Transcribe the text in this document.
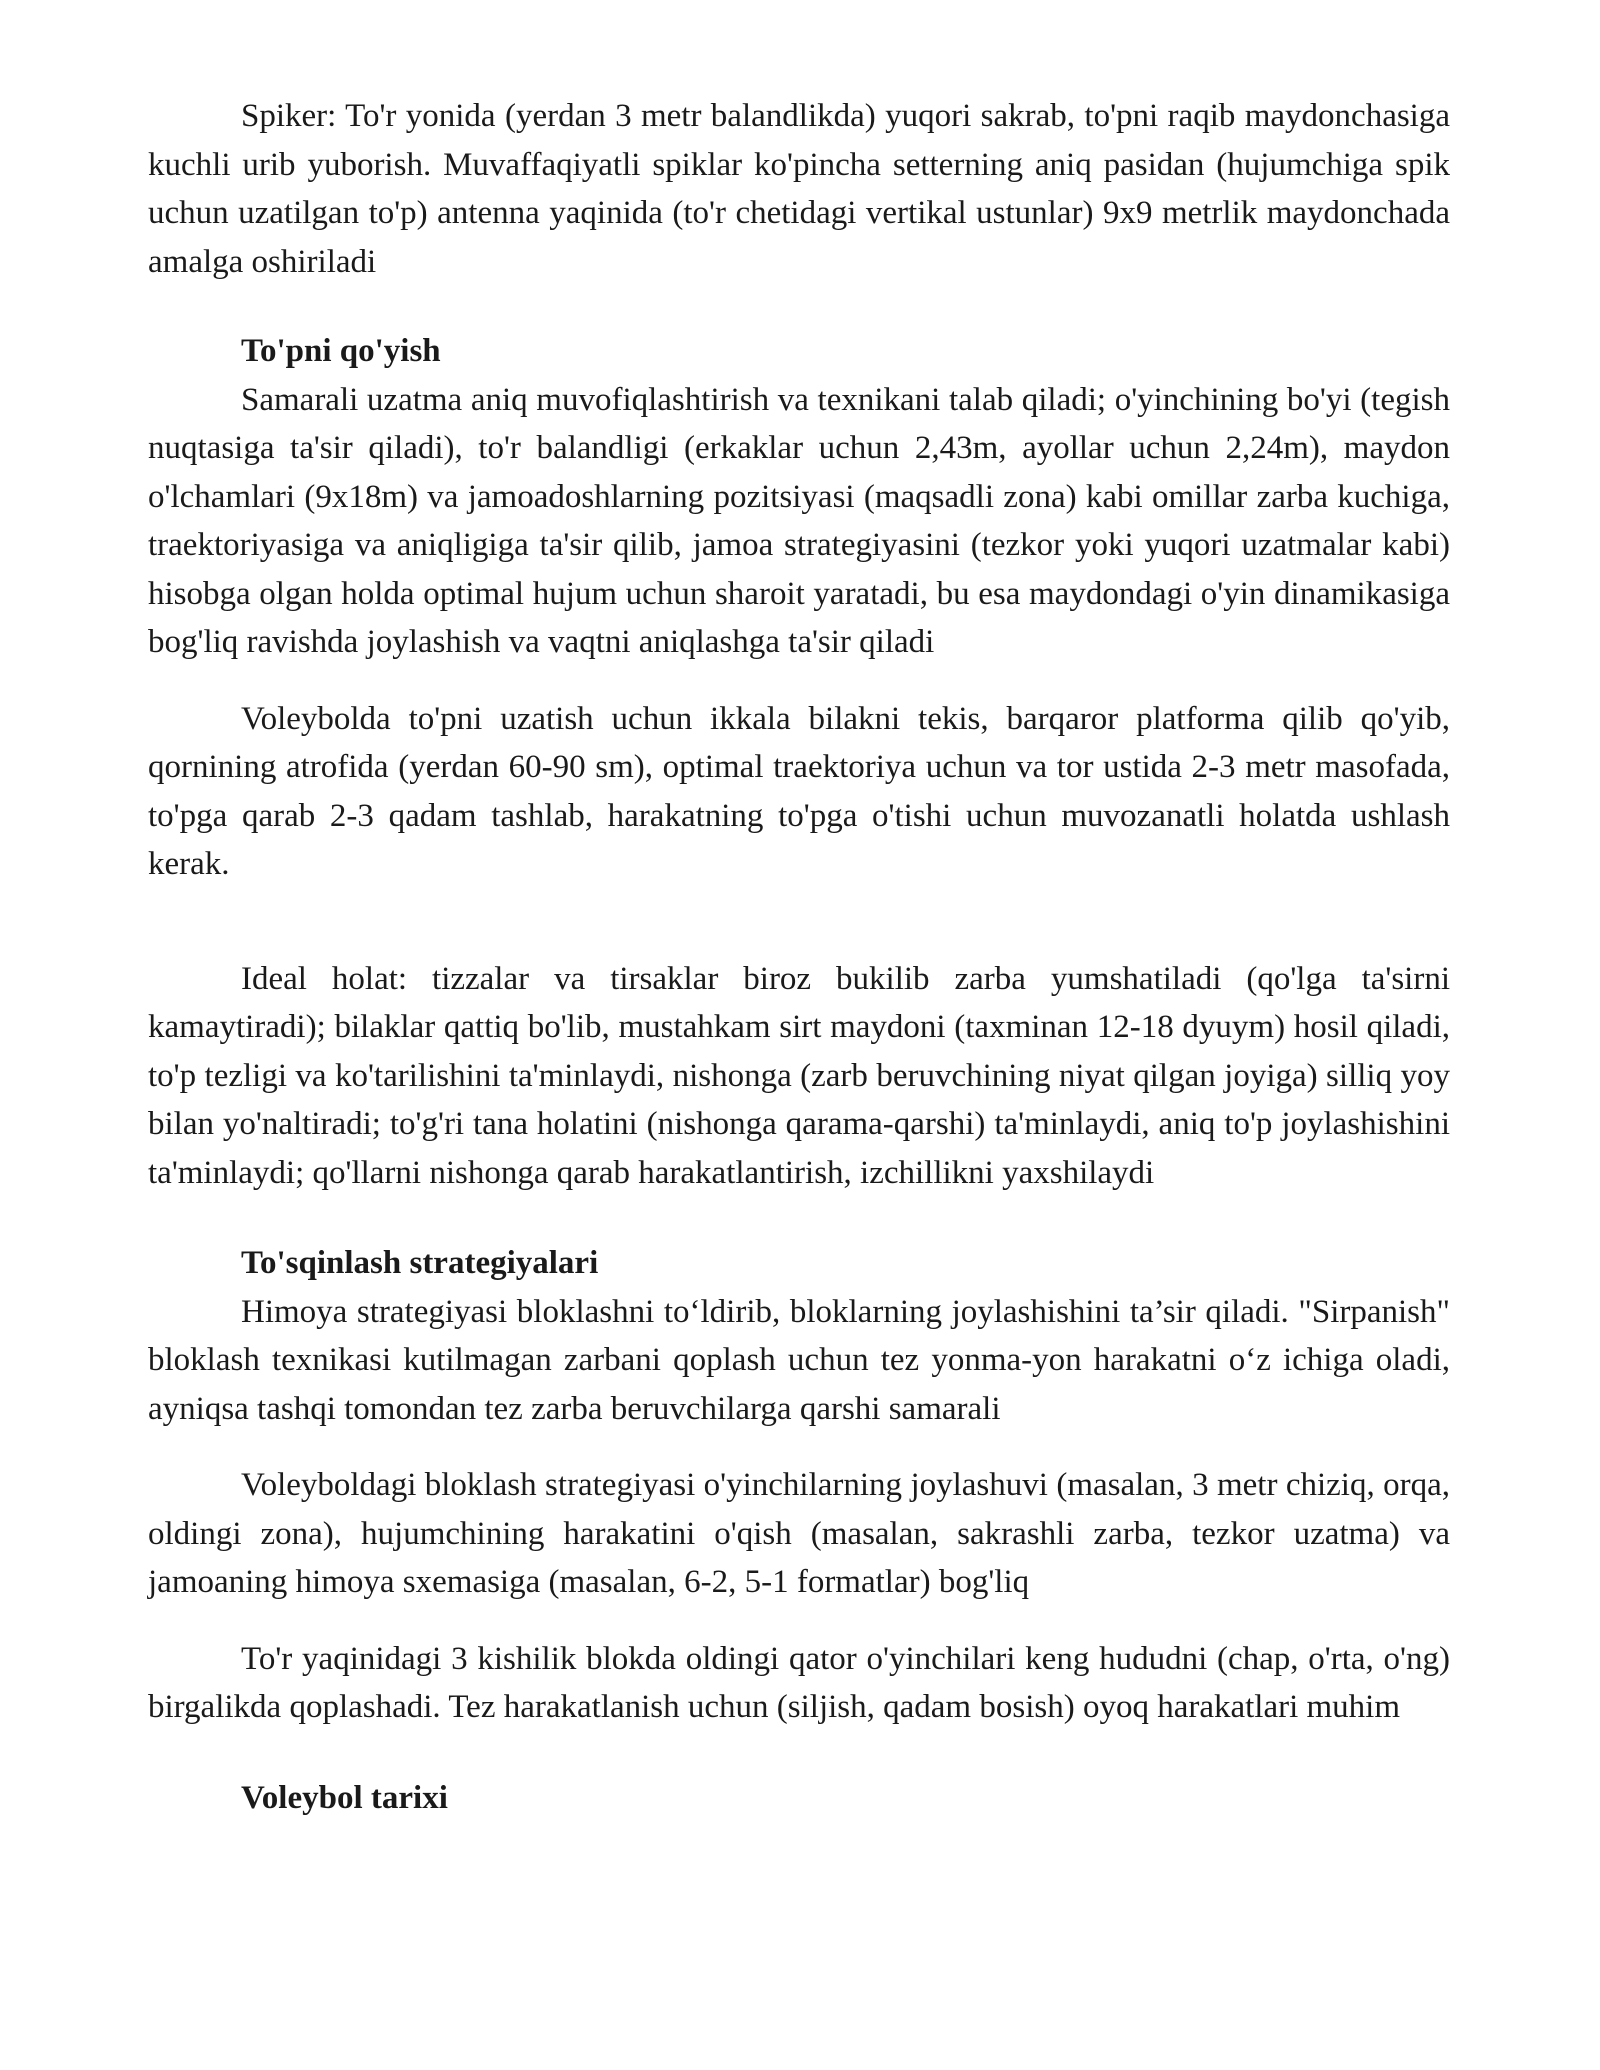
Spiker: To'r yonida (yerdan 3 metr balandlikda) yuqori sakrab, to'pni raqib maydonchasiga kuchli urib yuborish. Muvaffaqiyatli spiklar ko'pincha setterning aniq pasidan (hujumchiga spik uchun uzatilgan to'p) antenna yaqinida (to'r chetidagi vertikal ustunlar) 9x9 metrlik maydonchada amalga oshiriladi

To'pni qo'yish

Samarali uzatma aniq muvofiqlashtirish va texnikani talab qiladi; o'yinchining bo'yi (tegish nuqtasiga ta'sir qiladi), to'r balandligi (erkaklar uchun 2,43m, ayollar uchun 2,24m), maydon o'lchamlari (9x18m) va jamoadoshlarning pozitsiyasi (maqsadli zona) kabi omillar zarba kuchiga, traektoriyasiga va aniqligiga ta'sir qilib, jamoa strategiyasini (tezkor yoki yuqori uzatmalar kabi) hisobga olgan holda optimal hujum uchun sharoit yaratadi, bu esa maydondagi o'yin dinamikasiga bog'liq ravishda joylashish va vaqtni aniqlashga ta'sir qiladi

Voleybolda to'pni uzatish uchun ikkala bilakni tekis, barqaror platforma qilib qo'yib, qornining atrofida (yerdan 60-90 sm), optimal traektoriya uchun va tor ustida 2-3 metr masofada, to'pga qarab 2-3 qadam tashlab, harakatning to'pga o'tishi uchun muvozanatli holatda ushlash kerak.

Ideal holat: tizzalar va tirsaklar biroz bukilib zarba yumshatiladi (qo'lga ta'sirni kamaytiradi); bilaklar qattiq bo'lib, mustahkam sirt maydoni (taxminan 12-18 dyuym) hosil qiladi, to'p tezligi va ko'tarilishini ta'minlaydi, nishonga (zarb beruvchining niyat qilgan joyiga) silliq yoy bilan yo'naltiradi; to'g'ri tana holatini (nishonga qarama-qarshi) ta'minlaydi, aniq to'p joylashishini ta'minlaydi; qo'llarni nishonga qarab harakatlantirish, izchillikni yaxshilaydi

To'sqinlash strategiyalari

Himoya strategiyasi bloklashni to‘ldirib, bloklarning joylashishini ta’sir qiladi. "Sirpanish" bloklash texnikasi kutilmagan zarbani qoplash uchun tez yonma-yon harakatni o‘z ichiga oladi, ayniqsa tashqi tomondan tez zarba beruvchilarga qarshi samarali

Voleyboldagi bloklash strategiyasi o'yinchilarning joylashuvi (masalan, 3 metr chiziq, orqa, oldingi zona), hujumchining harakatini o'qish (masalan, sakrashli zarba, tezkor uzatma) va jamoaning himoya sxemasiga (masalan, 6-2, 5-1 formatlar) bog'liq

To'r yaqinidagi 3 kishilik blokda oldingi qator o'yinchilari keng hududni (chap, o'rta, o'ng) birgalikda qoplashadi. Tez harakatlanish uchun (siljish, qadam bosish) oyoq harakatlari muhim

Voleybol tarixi
